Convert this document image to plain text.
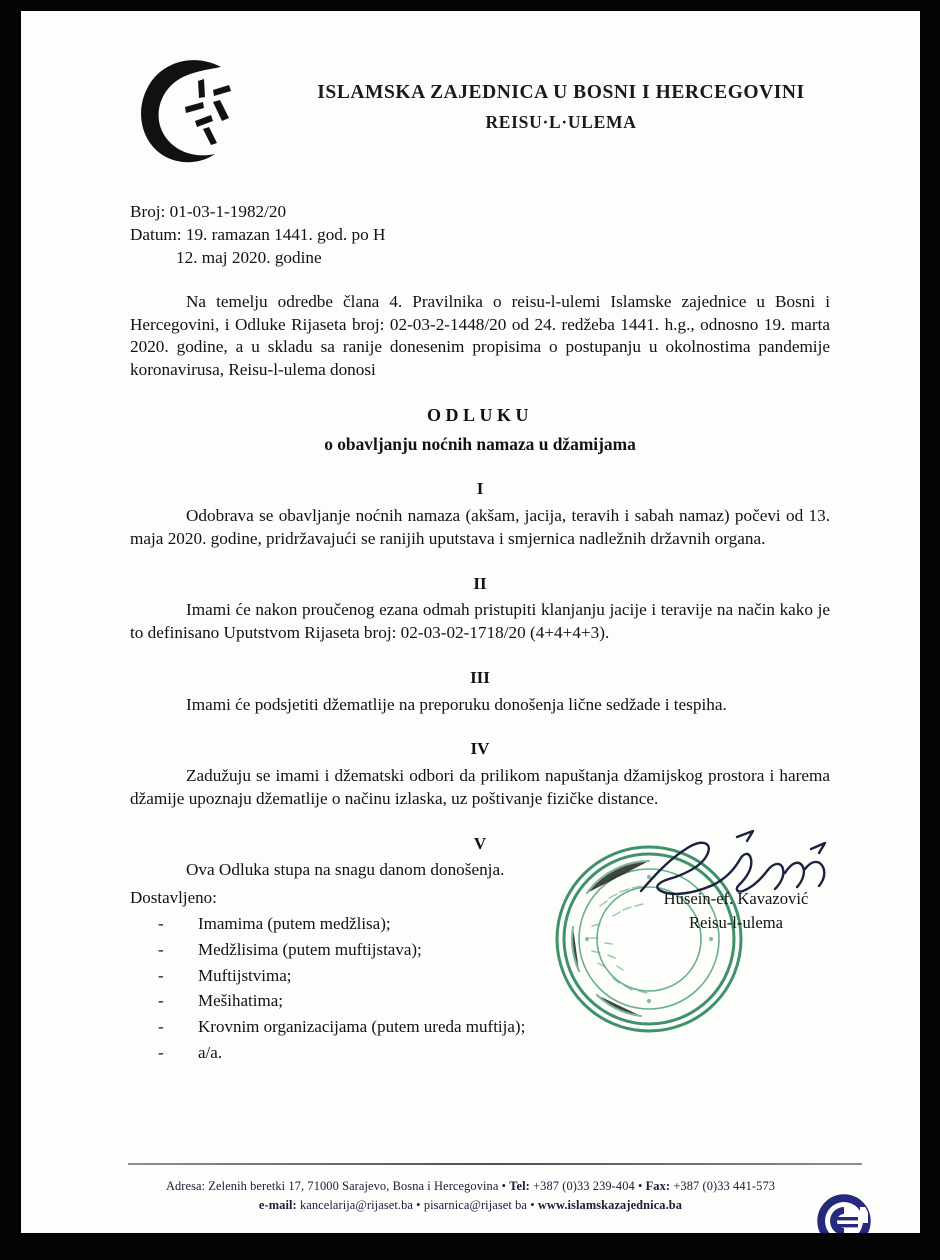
ISLAMSKA ZAJEDNICA U BOSNI I HERCEGOVINI
REISU·L·ULEMA
Broj: 01-03-1-1982/20
Datum: 19. ramazan 1441. god. po H
12. maj 2020. godine

Na temelju odredbe člana 4. Pravilnika o reisu-l-ulemi Islamske zajednice u Bosni i Hercegovini, i Odluke Rijaseta broj: 02-03-2-1448/20 od 24. redžeba 1441. h.g., odnosno 19. marta 2020. godine, a u skladu sa ranije donesenim propisima o postupanju u okolnostima pandemije koronavirusa, Reisu-l-ulema donosi

ODLUKU
o obavljanju noćnih namaza u džamijama
I

Odobrava se obavljanje noćnih namaza (akšam, jacija, teravih i sabah namaz) počevi od 13. maja 2020. godine, pridržavajući se ranijih uputstava i smjernica nadležnih državnih organa.

II

Imami će nakon proučenog ezana odmah pristupiti klanjanju jacije i teravije na način kako je to definisano Uputstvom Rijaseta broj: 02-03-02-1718/20 (4+4+4+3).

III

Imami će podsjetiti džematlije na preporuku donošenja lične sedžade i tespiha.

IV

Zadužuju se imami i džematski odbori da prilikom napuštanja džamijskog prostora i harema džamije upoznaju džematlije o načinu izlaska, uz poštivanje fizičke distance.

V

Ova Odluka stupa na snagu danom donošenja.

Husein-ef. Kavazović
Reisu-l-ulema
Dostavljeno:
- Imamima (putem medžlisa);
- Medžlisima (putem muftijstava);
- Muftijstvima;
- Mešihatima;
- Krovnim organizacijama (putem ureda muftija);
- a/a.
Adresa: Zelenih beretki 17, 71000 Sarajevo, Bosna i Hercegovina • Tel: +387 (0)33 239-404 • Fax: +387 (0)33 441-573
e-mail: kancelarija@rijaset.ba • pisarnica@rijaset ba • www.islamskazajednica.ba
